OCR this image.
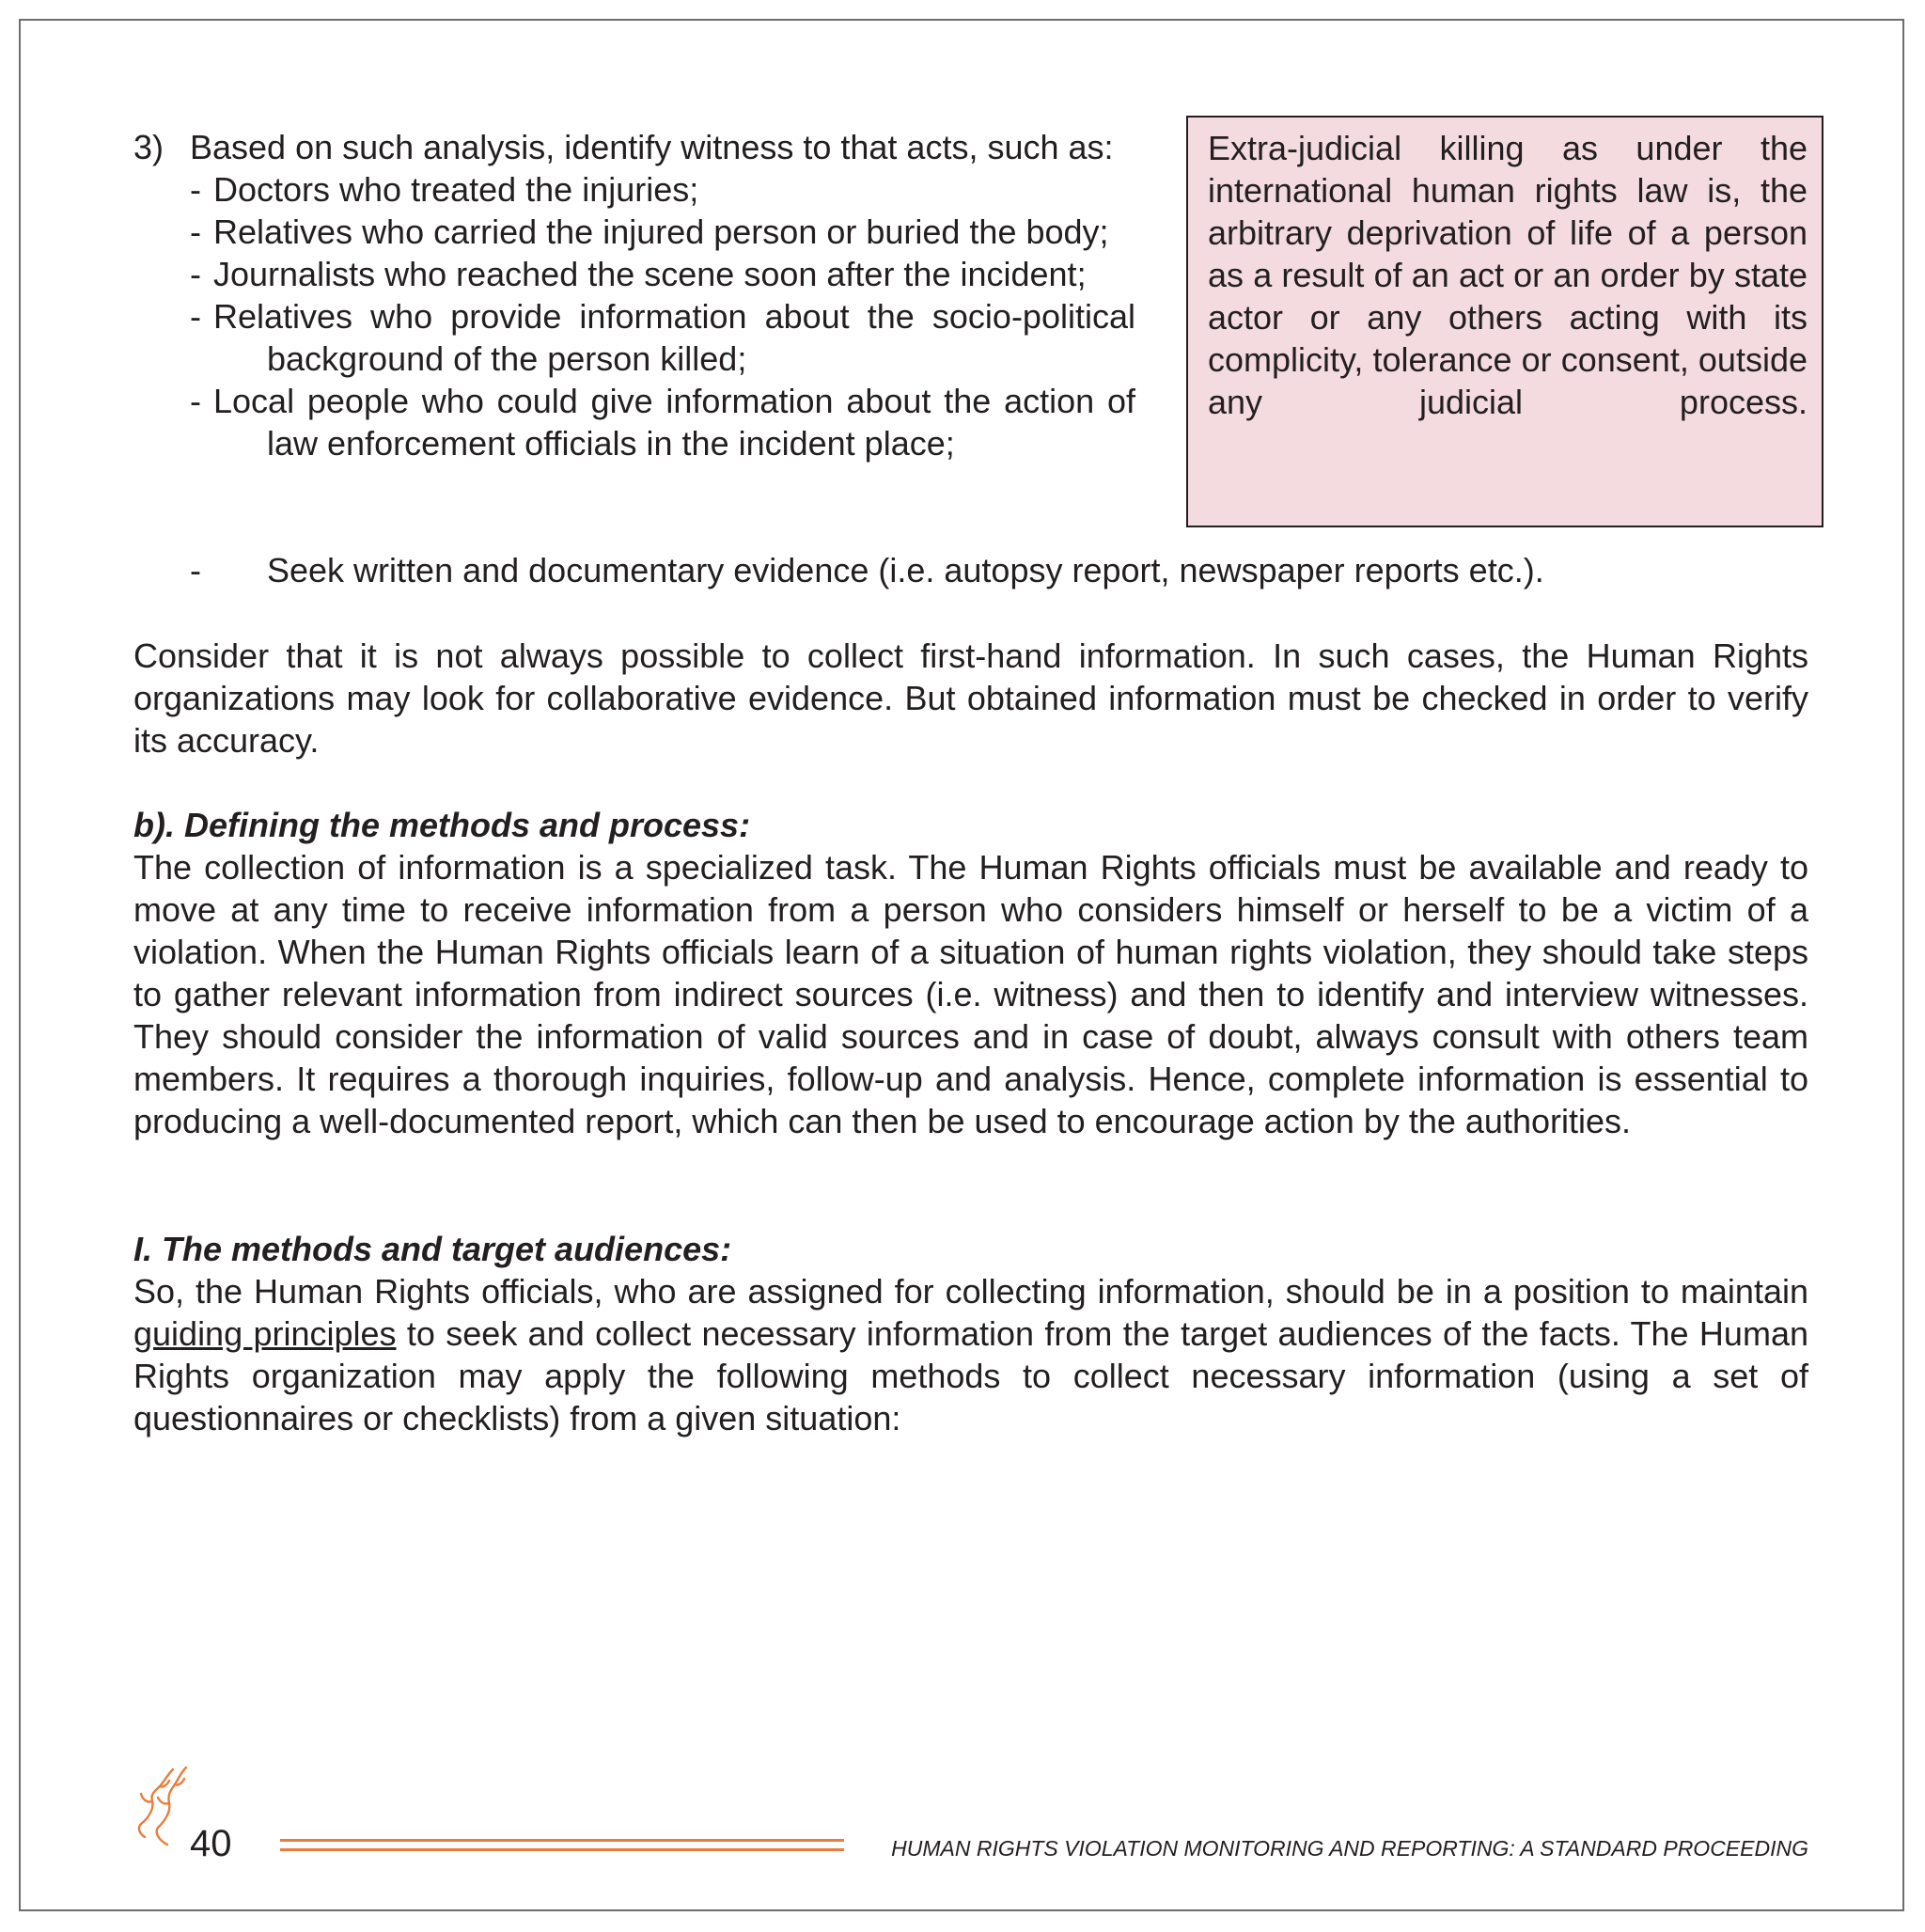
3) Based on such analysis, identify witness to that acts, such as:
- Doctors who treated the injuries;
- Relatives who carried the injured person or buried the body;
- Journalists who reached the scene soon after the incident;
- Relatives who provide information about the socio-political background of the person killed;
- Local people who could give information about the action of law enforcement officials in the incident place;
- Seek written and documentary evidence (i.e. autopsy report, newspaper reports etc.).

Extra-judicial killing as under the international human rights law is, the arbitrary deprivation of life of a person as a result of an act or an order by state actor or any others acting with its complicity, tolerance or consent, outside any judicial process.

Consider that it is not always possible to collect first-hand information. In such cases, the Human Rights organizations may look for collaborative evidence. But obtained information must be checked in order to verify its accuracy.

b). Defining the methods and process:

The collection of information is a specialized task. The Human Rights officials must be available and ready to move at any time to receive information from a person who considers himself or herself to be a victim of a violation. When the Human Rights officials learn of a situation of human rights violation, they should take steps to gather relevant information from indirect sources (i.e. witness) and then to identify and interview witnesses. They should consider the information of valid sources and in case of doubt, always consult with others team members. It requires a thorough inquiries, follow-up and analysis. Hence, complete information is essential to producing a well-documented report, which can then be used to encourage action by the authorities.

I. The methods and target audiences:

So, the Human Rights officials, who are assigned for collecting information, should be in a position to maintain guiding principles to seek and collect necessary information from the target audiences of the facts. The Human Rights organization may apply the following methods to collect necessary information (using a set of questionnaires or checklists) from a given situation:

40	HUMAN RIGHTS VIOLATION MONITORING AND REPORTING: A STANDARD PROCEEDING
